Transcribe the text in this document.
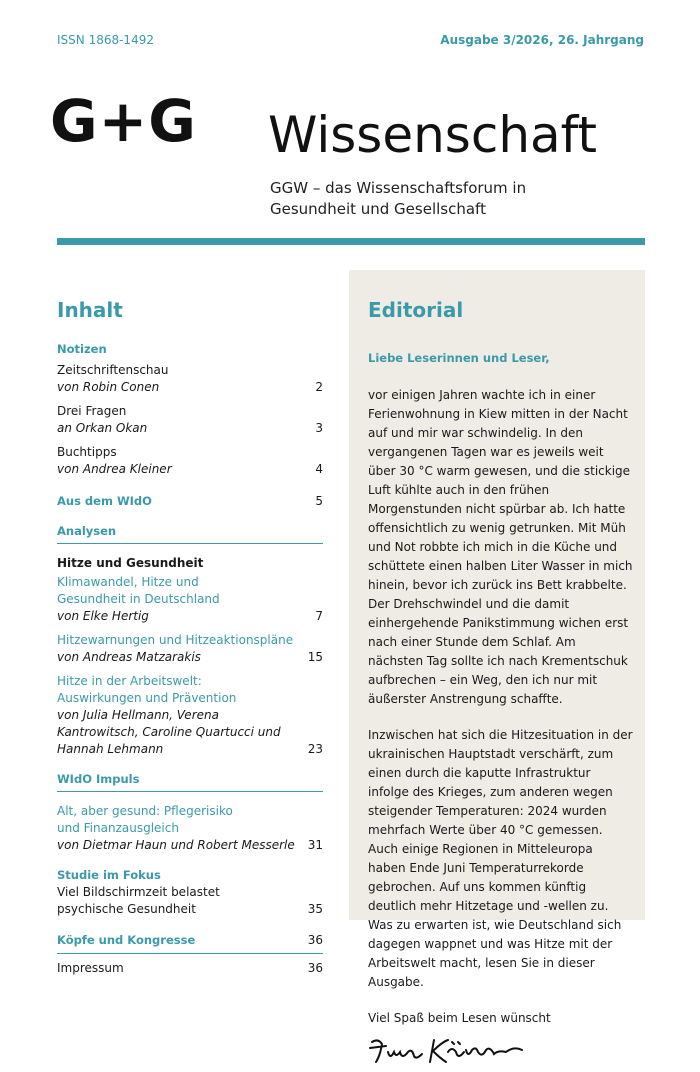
ISSN 1868-1492	Ausgabe 3/2026, 26. Jahrgang
G+G Wissenschaft
GGW – das Wissenschaftsforum in Gesundheit und Gesellschaft
Inhalt
Notizen
Zeitschriftenschau
von Robin Conen	2
Drei Fragen
an Orkan Okan	3
Buchtipps
von Andrea Kleiner	4
Aus dem WIdO	5
Analysen
Hitze und Gesundheit
Klimawandel, Hitze und Gesundheit in Deutschland
von Elke Hertig	7
Hitzewarnungen und Hitzeaktionspläne
von Andreas Matzarakis	15
Hitze in der Arbeitswelt: Auswirkungen und Prävention
von Julia Hellmann, Verena Kantrowitsch, Caroline Quartucci und Hannah Lehmann	23
WIdO Impuls
Alt, aber gesund: Pflegerisiko und Finanzausgleich
von Dietmar Haun und Robert Messerle 31
Studie im Fokus
Viel Bildschirmzeit belastet psychische Gesundheit	35
Köpfe und Kongresse	36
Impressum	36
Editorial
Liebe Leserinnen und Leser,

vor einigen Jahren wachte ich in einer Ferienwohnung in Kiew mitten in der Nacht auf und mir war schwindelig. In den vergangenen Tagen war es jeweils weit über 30 °C warm gewesen, und die stickige Luft kühlte auch in den frühen Morgenstunden nicht spürbar ab. Ich hatte offensichtlich zu wenig getrunken. Mit Müh und Not robbte ich mich in die Küche und schüttete einen halben Liter Wasser in mich hinein, bevor ich zurück ins Bett krabbelte. Der Drehschwindel und die damit einhergehende Panikstimmung wichen erst nach einer Stunde dem Schlaf. Am nächsten Tag sollte ich nach Krementschuk aufbrechen – ein Weg, den ich nur mit äußerster Anstrengung schaffte.

Inzwischen hat sich die Hitzesituation in der ukrainischen Hauptstadt verschärft, zum einen durch die kaputte Infrastruktur infolge des Krieges, zum anderen wegen steigender Temperaturen: 2024 wurden mehrfach Werte über 40 °C gemessen. Auch einige Regionen in Mitteleuropa haben Ende Juni Temperaturrekorde gebrochen. Auf uns kommen künftig deutlich mehr Hitzetage und -wellen zu. Was zu erwarten ist, wie Deutschland sich dagegen wappnet und was Hitze mit der Arbeitswelt macht, lesen Sie in dieser Ausgabe.

Viel Spaß beim Lesen wünscht
